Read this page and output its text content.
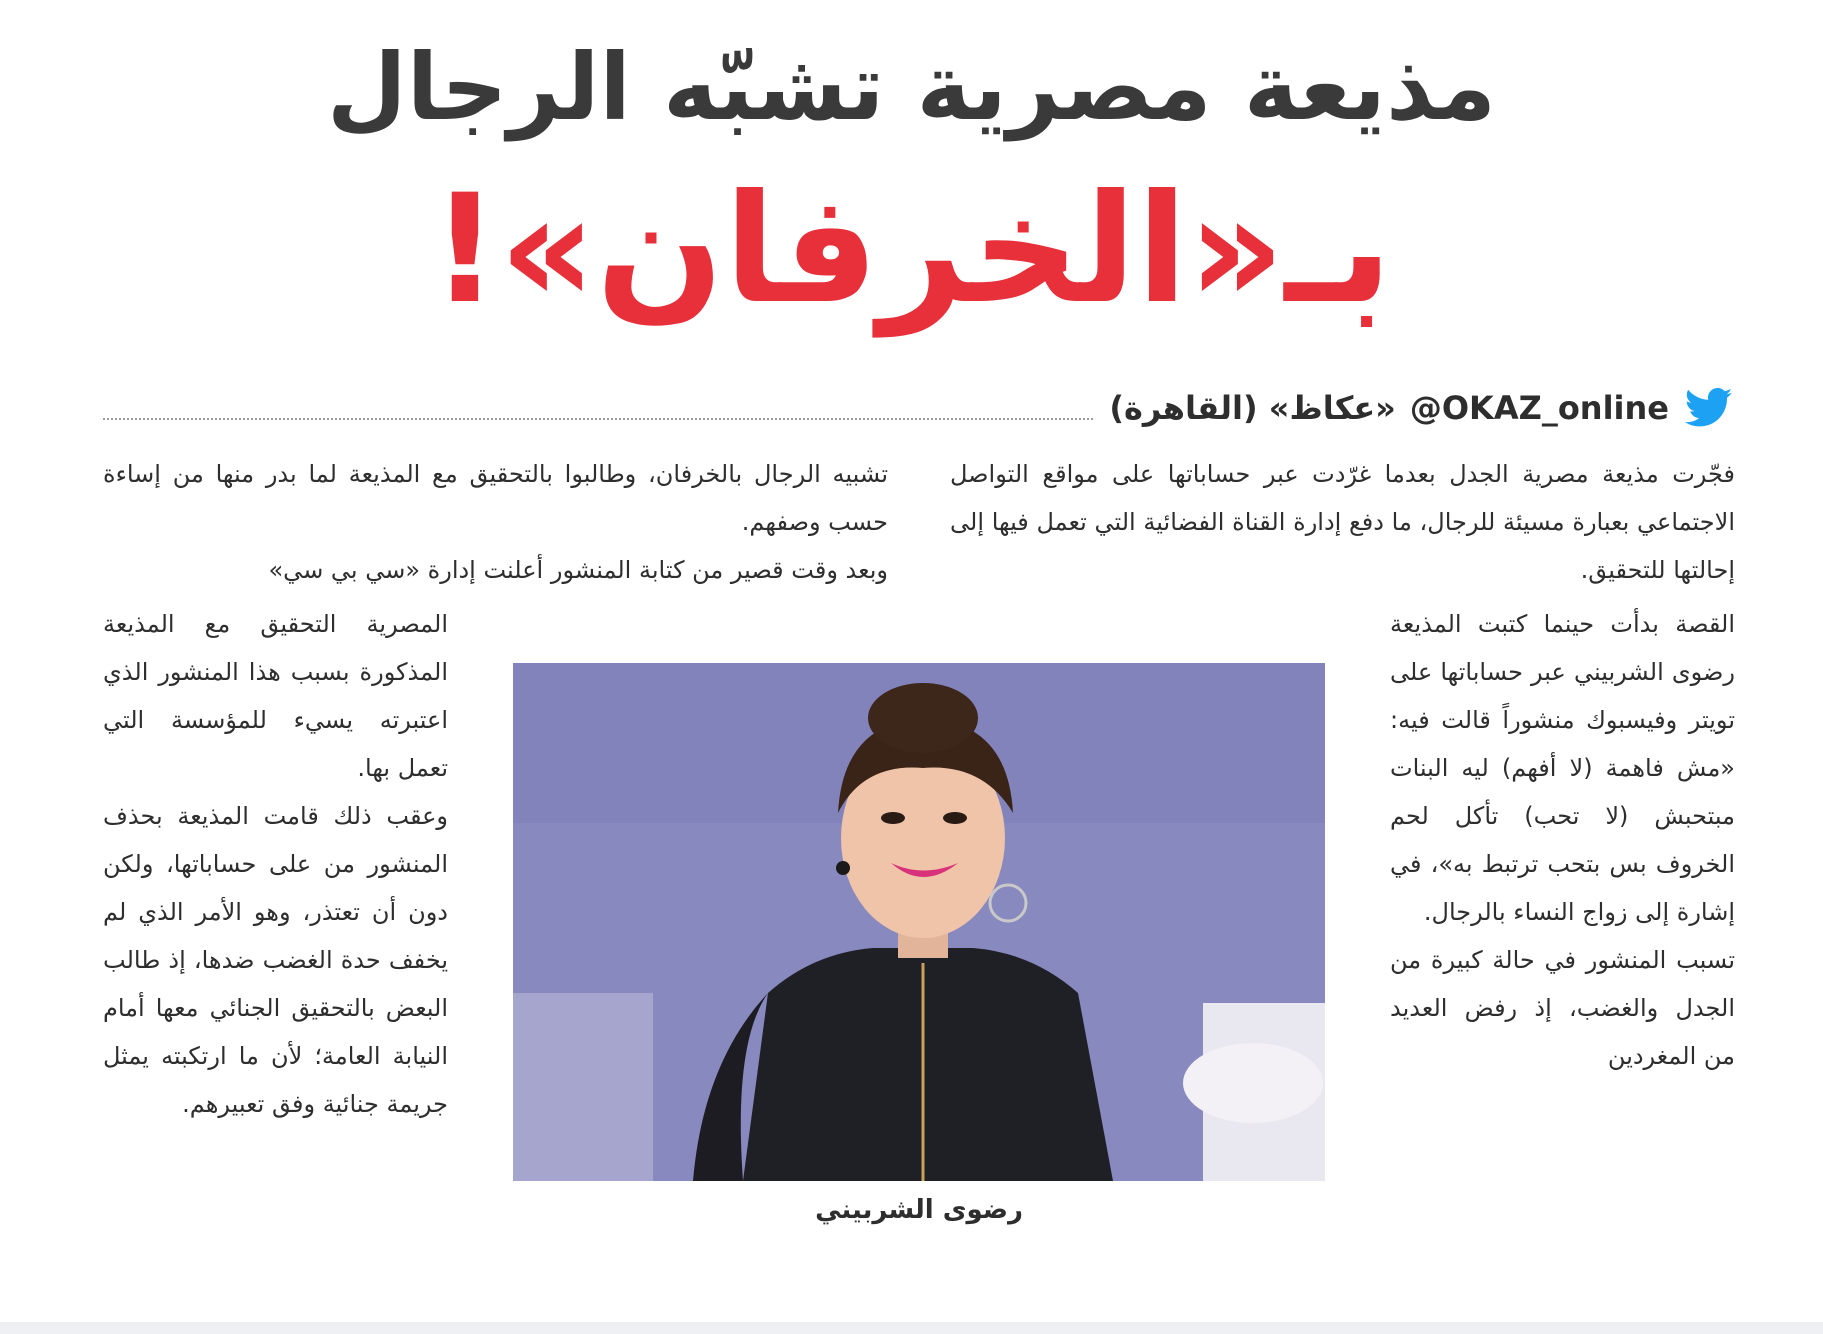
مذيعة مصرية تشبّه الرجال
بـ«الخرفان»!
«عكاظ» (القاهرة) @OKAZ_online

فجّرت مذيعة مصرية الجدل بعدما غرّدت عبر حساباتها على مواقع التواصل الاجتماعي بعبارة مسيئة للرجال، ما دفع إدارة القناة الفضائية التي تعمل فيها إلى إحالتها للتحقيق.

القصة بدأت حينما كتبت المذيعة رضوى الشربيني عبر حساباتها على تويتر وفيسبوك منشوراً قالت فيه: «مش فاهمة (لا أفهم) ليه البنات مبتحبش (لا تحب) تأكل لحم الخروف بس بتحب ترتبط به»، في إشارة إلى زواج النساء بالرجال.

تسبب المنشور في حالة كبيرة من الجدل والغضب، إذ رفض العديد من المغردين

تشبيه الرجال بالخرفان، وطالبوا بالتحقيق مع المذيعة لما بدر منها من إساءة حسب وصفهم.

وبعد وقت قصير من كتابة المنشور أعلنت إدارة «سي بي سي»

المصرية التحقيق مع المذيعة المذكورة بسبب هذا المنشور الذي اعتبرته يسيء للمؤسسة التي تعمل بها.

وعقب ذلك قامت المذيعة بحذف المنشور من على حساباتها، ولكن دون أن تعتذر، وهو الأمر الذي لم يخفف حدة الغضب ضدها، إذ طالب البعض بالتحقيق الجنائي معها أمام النيابة العامة؛ لأن ما ارتكبته يمثل جريمة جنائية وفق تعبيرهم.

رضوى الشربيني
